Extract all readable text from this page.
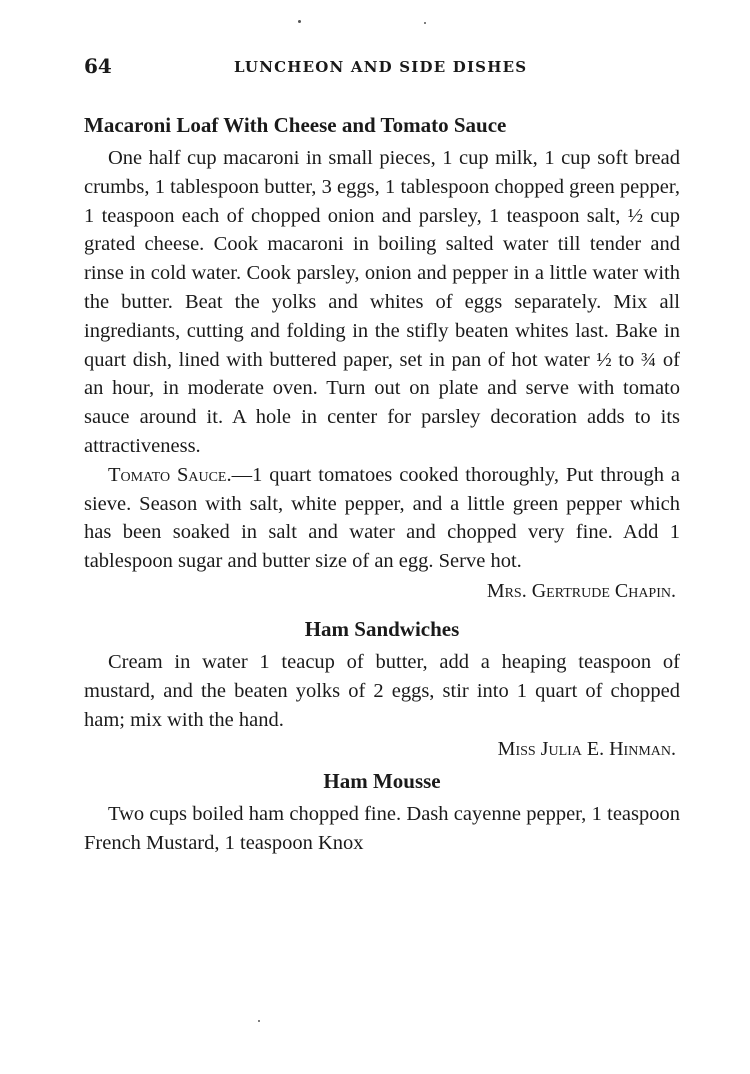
64	LUNCHEON AND SIDE DISHES
Macaroni Loaf With Cheese and Tomato Sauce

One half cup macaroni in small pieces, 1 cup milk, 1 cup soft bread crumbs, 1 tablespoon butter, 3 eggs, 1 tablespoon chopped green pepper, 1 teaspoon each of chopped onion and parsley, 1 teaspoon salt, ½ cup grated cheese. Cook macaroni in boiling salted water till tender and rinse in cold water. Cook parsley, onion and pepper in a little water with the butter. Beat the yolks and whites of eggs separately. Mix all ingrediants, cutting and folding in the stifly beaten whites last. Bake in quart dish, lined with buttered paper, set in pan of hot water ½ to ¾ of an hour, in moderate oven. Turn out on plate and serve with tomato sauce around it. A hole in center for parsley decoration adds to its attractiveness.

Tomato Sauce.—1 quart tomatoes cooked thoroughly, Put through a sieve. Season with salt, white pepper, and a little green pepper which has been soaked in salt and water and chopped very fine. Add 1 tablespoon sugar and butter size of an egg. Serve hot.

Mrs. Gertrude Chapin.

Ham Sandwiches

Cream in water 1 teacup of butter, add a heaping teaspoon of mustard, and the beaten yolks of 2 eggs, stir into 1 quart of chopped ham; mix with the hand.

Miss Julia E. Hinman.

Ham Mousse

Two cups boiled ham chopped fine. Dash cayenne pepper, 1 teaspoon French Mustard, 1 teaspoon Knox
